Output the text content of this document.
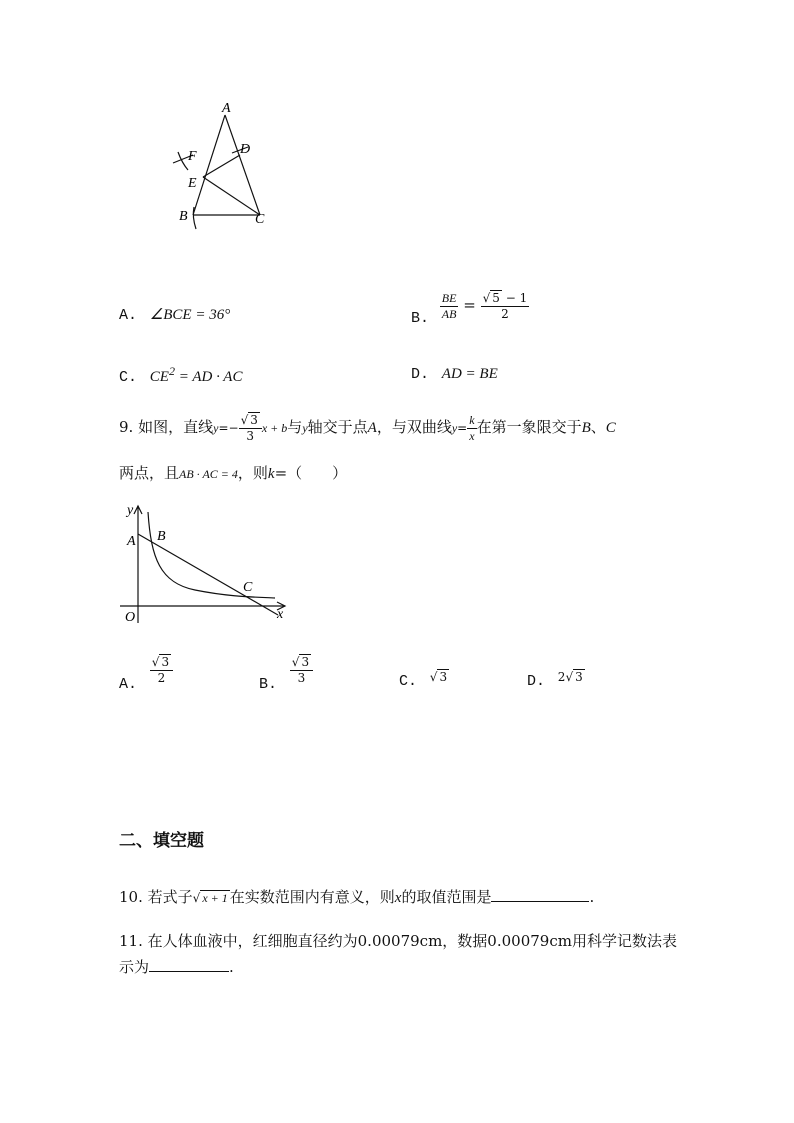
A
D
F
E
B	C
A. ∠BCE = 36°	B. $\frac{BE}{AB} = \frac{√ 5 - 1}{2}$
C. $CE^2$ = AD · AC	D. AD = BE
9. 如图，直线$y=- \frac{√ 3}{3}$ x + b与y轴交于点A，与双曲线$y= \frac{k}{x}$ 在第一象限交于B、C
两点，且AB · AC = 4，则k=（　　）
y
A B
C
O	x
A.
$\frac{√ 3}{2}$
B.
$\frac{√ 3}{3}$	C. $^{√ 3}$	D. $^{2√ 3}$
二、填空题
10. 若式子√ x + 1 在实数范围内有意义，则x的取值范围是	.
11. 在人体血液中，红细胞直径约为0.00079cm，数据0.00079cm用科学记数法表
示为	.
